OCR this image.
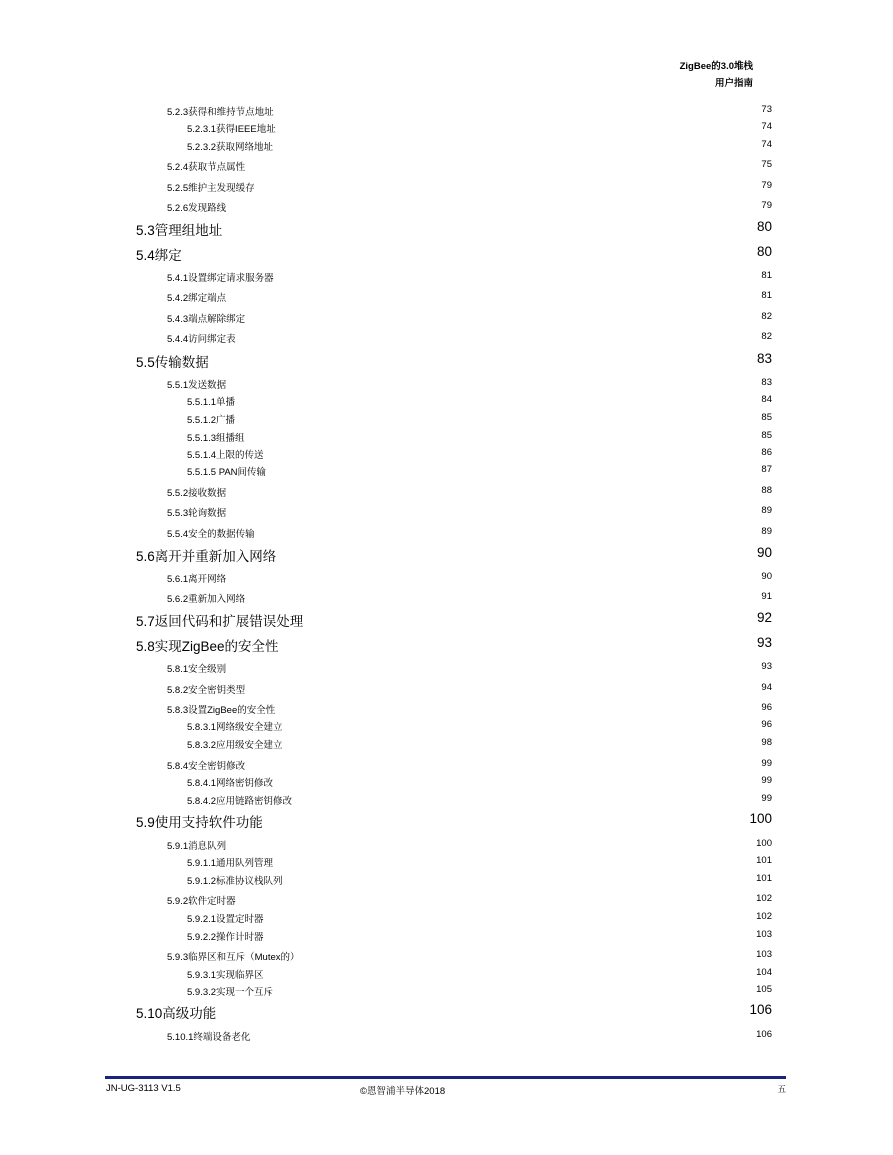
ZigBee的3.0堆栈
用户指南
5.2.3获得和维持节点地址	73
5.2.3.1获得IEEE地址	74
5.2.3.2获取网络地址	74
5.2.4获取节点属性	75
5.2.5维护主发现缓存	79
5.2.6发现路线	79
5.3管理组地址	80
5.4绑定	80
5.4.1设置绑定请求服务器	81
5.4.2绑定端点	81
5.4.3端点解除绑定	82
5.4.4访问绑定表	82
5.5传输数据	83
5.5.1发送数据	83
5.5.1.1单播	84
5.5.1.2广播	85
5.5.1.3组播组	85
5.5.1.4上限的传送	86
5.5.1.5 PAN间传输	87
5.5.2接收数据	88
5.5.3轮询数据	89
5.5.4安全的数据传输	89
5.6离开并重新加入网络	90
5.6.1离开网络	90
5.6.2重新加入网络	91
5.7返回代码和扩展错误处理	92
5.8实现ZigBee的安全性	93
5.8.1安全级别	93
5.8.2安全密钥类型	94
5.8.3设置ZigBee的安全性	96
5.8.3.1网络级安全建立	96
5.8.3.2应用级安全建立	98
5.8.4安全密钥修改	99
5.8.4.1网络密钥修改	99
5.8.4.2应用链路密钥修改	99
5.9使用支持软件功能	100
5.9.1消息队列	100
5.9.1.1通用队列管理	101
5.9.1.2标准协议栈队列	101
5.9.2软件定时器	102
5.9.2.1设置定时器	102
5.9.2.2操作计时器	103
5.9.3临界区和互斥（Mutex的）	103
5.9.3.1实现临界区	104
5.9.3.2实现一个互斥	105
5.10高级功能	106
5.10.1终端设备老化	106
JN-UG-3113 V1.5	©恩智浦半导体2018	五
